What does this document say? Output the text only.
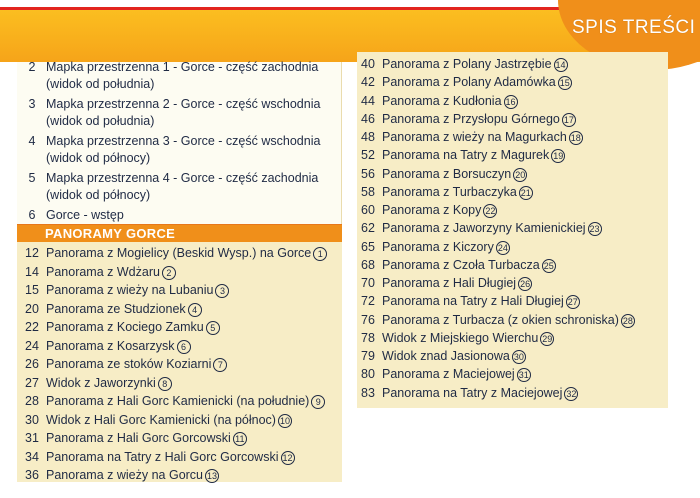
SPIS TREŚCI
PANORAMY GORCE
2 Mapka przestrzenna 1 - Gorce - część zachodnia
(widok od południa)
3 Mapka przestrzenna 2 - Gorce - część wschodnia
(widok od południa)
4 Mapka przestrzenna 3 - Gorce - część wschodnia
(widok od północy)
5 Mapka przestrzenna 4 - Gorce - część zachodnia
(widok od północy)
6 Gorce - wstęp
12 Panorama z Mogielicy (Beskid Wysp.) na Gorce 1
14 Panorama z Wdżaru 2
15 Panorama z wieży na Lubaniu 3
20 Panorama ze Studzionek 4
22 Panorama z Kociego Zamku 5
24 Panorama z Kosarzysk 6
26 Panorama ze stoków Koziarni 7
27 Widok z Jaworzynki 8
28 Panorama z Hali Gorc Kamienicki (na południe) 9
30 Widok z Hali Gorc Kamienicki (na północ) 10
31 Panorama z Hali Gorc Gorcowski 11
34 Panorama na Tatry z Hali Gorc Gorcowski 12
36 Panorama z wieży na Gorcu 13
40 Panorama z Polany Jastrzębie 14
42 Panorama z Polany Adamówka 15
44 Panorama z Kudłonia 16
46 Panorama z Przysłopu Górnego 17
48 Panorama z wieży na Magurkach 18
52 Panorama na Tatry z Magurek 19
56 Panorama z Borsuczyn 20
58 Panorama z Turbaczyka 21
60 Panorama z Kopy 22
62 Panorama z Jaworzyny Kamienickiej 23
65 Panorama z Kiczory 24
68 Panorama z Czoła Turbacza 25
70 Panorama z Hali Długiej 26
72 Panorama na Tatry z Hali Długiej 27
76 Panorama z Turbacza (z okien schroniska) 28
78 Widok z Miejskiego Wierchu 29
79 Widok znad Jasionowa 30
80 Panorama z Maciejowej 31
83 Panorama na Tatry z Maciejowej 32
